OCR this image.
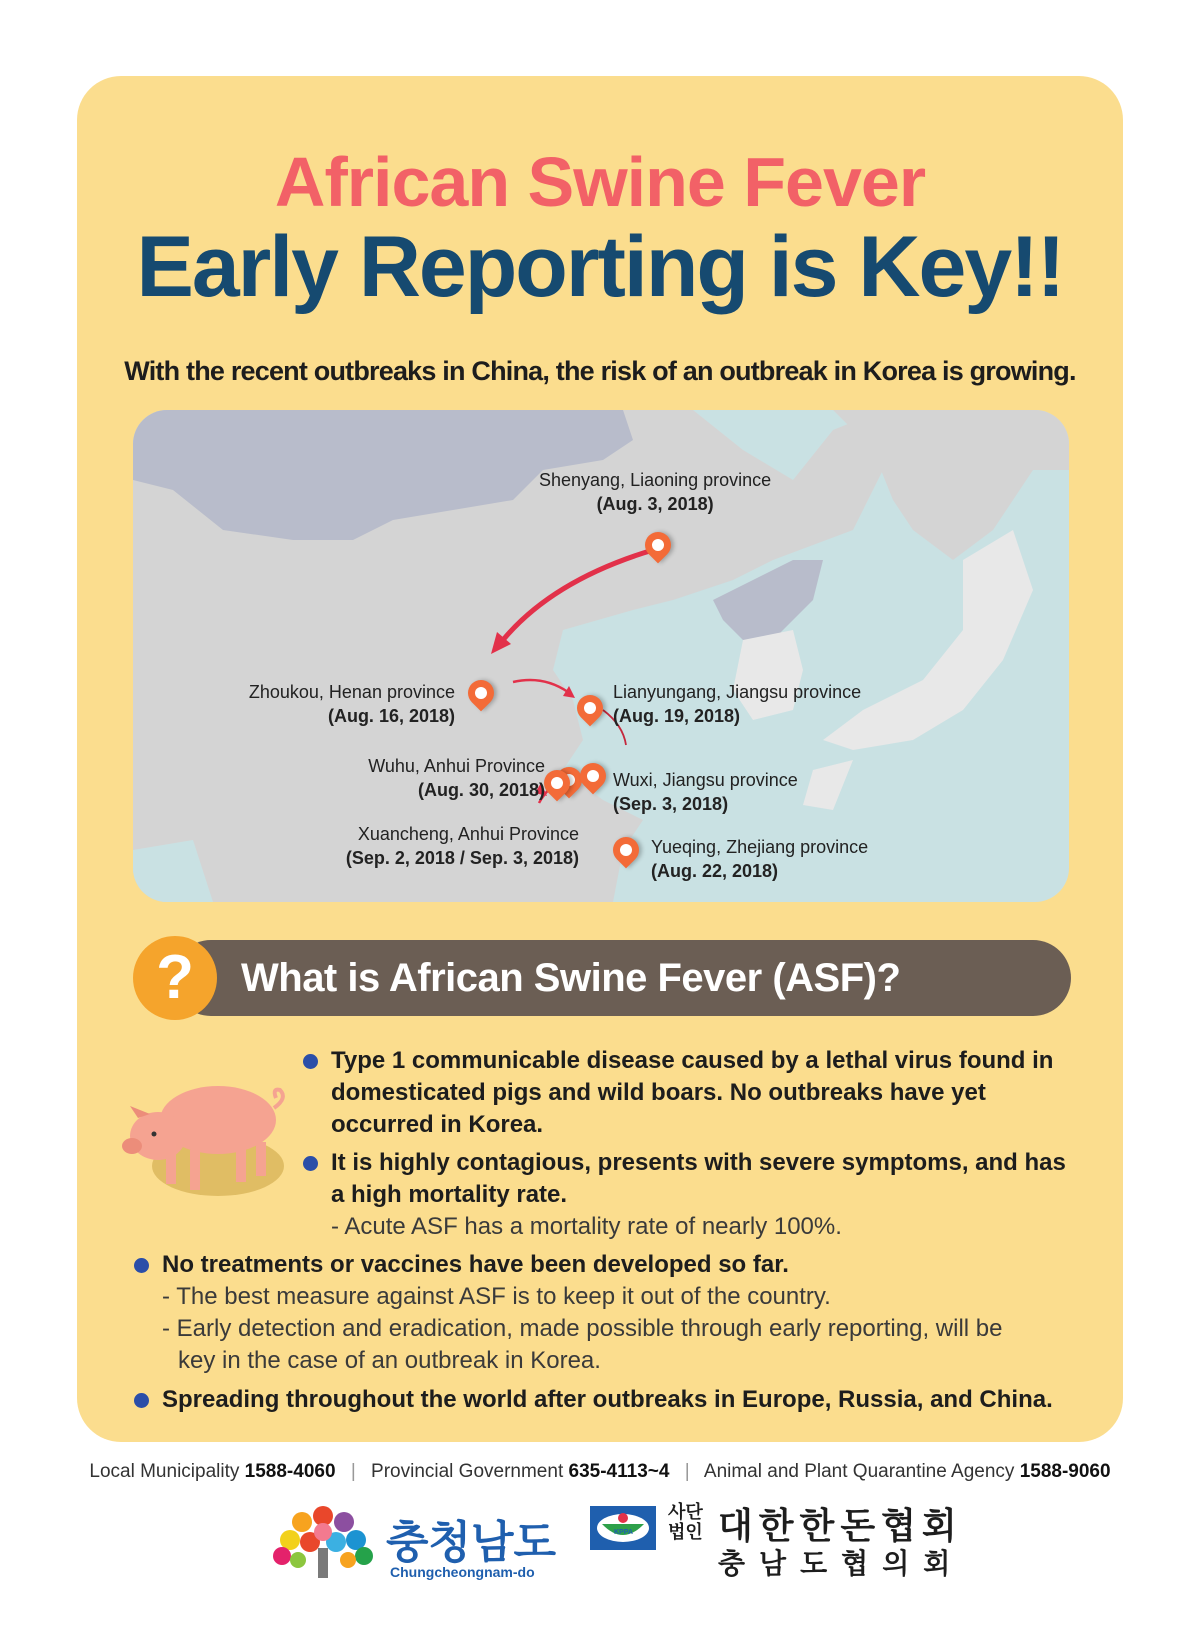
African Swine Fever
Early Reporting is Key!!
With the recent outbreaks in China, the risk of an outbreak in Korea is growing.
Shenyang, Liaoning province
(Aug. 3, 2018)
Zhoukou, Henan province
(Aug. 16, 2018)
Lianyungang, Jiangsu province
(Aug. 19, 2018)
Wuhu, Anhui Province
(Aug. 30, 2018)	Wuxi, Jiangsu province
(Sep. 3, 2018)
Xuancheng, Anhui Province
(Sep. 2, 2018 / Sep. 3, 2018)
Yueqing, Zhejiang province
(Aug. 22, 2018)
?	What is African Swine Fever (ASF)?
Type 1 communicable disease caused by a lethal virus found in
domesticated pigs and wild boars. No outbreaks have yet
occurred in Korea.
It is highly contagious, presents with severe symptoms, and has
a high mortality rate.
- Acute ASF has a mortality rate of nearly 100%.
No treatments or vaccines have been developed so far.
- The best measure against ASF is to keep it out of the country.
- Early detection and eradication, made possible through early reporting, will be
key in the case of an outbreak in Korea.
Spreading throughout the world after outbreaks in Europe, Russia, and China.
Local Municipality 1588-4060 | Provincial Government 635-4113~4 | Animal and Plant Quarantine Agency 1588-9060
충청남도
Chungcheongnam-do
KPPA
사단
법인 대한한돈협회
충남도협의회
